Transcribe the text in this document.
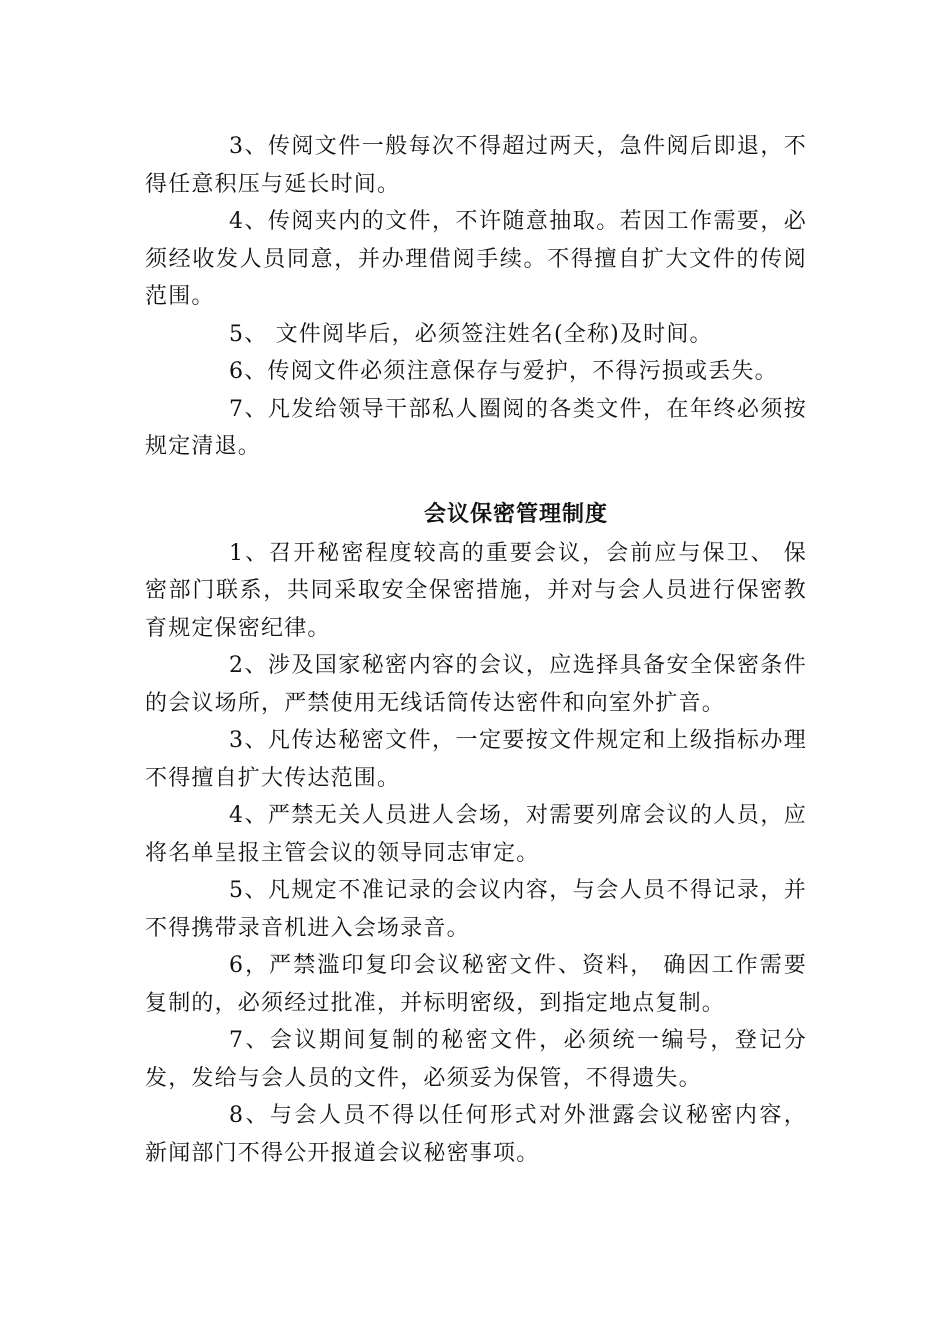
3、传阅文件一般每次不得超过两天，急件阅后即退，不得任意积压与延长时间。

4、传阅夹内的文件，不许随意抽取。若因工作需要，必须经收发人员同意，并办理借阅手续。不得擅自扩大文件的传阅范围。

5、 文件阅毕后，必须签注姓名(全称)及时间。

6、传阅文件必须注意保存与爱护，不得污损或丢失。

7、凡发给领导干部私人圈阅的各类文件，在年终必须按规定清退。

会议保密管理制度

1、召开秘密程度较高的重要会议，会前应与保卫、 保密部门联系，共同采取安全保密措施，并对与会人员进行保密教育规定保密纪律。

2、涉及国家秘密内容的会议，应选择具备安全保密条件的会议场所，严禁使用无线话筒传达密件和向室外扩音。

3、凡传达秘密文件，一定要按文件规定和上级指标办理不得擅自扩大传达范围。

4、严禁无关人员进人会场，对需要列席会议的人员，应将名单呈报主管会议的领导同志审定。

5、凡规定不准记录的会议内容，与会人员不得记录，并不得携带录音机进入会场录音。

6，严禁滥印复印会议秘密文件、资料， 确因工作需要复制的，必须经过批准，并标明密级，到指定地点复制。

7、会议期间复制的秘密文件，必须统一编号，登记分发，发给与会人员的文件，必须妥为保管，不得遗失。

8、与会人员不得以任何形式对外泄露会议秘密内容， 新闻部门不得公开报道会议秘密事项。
